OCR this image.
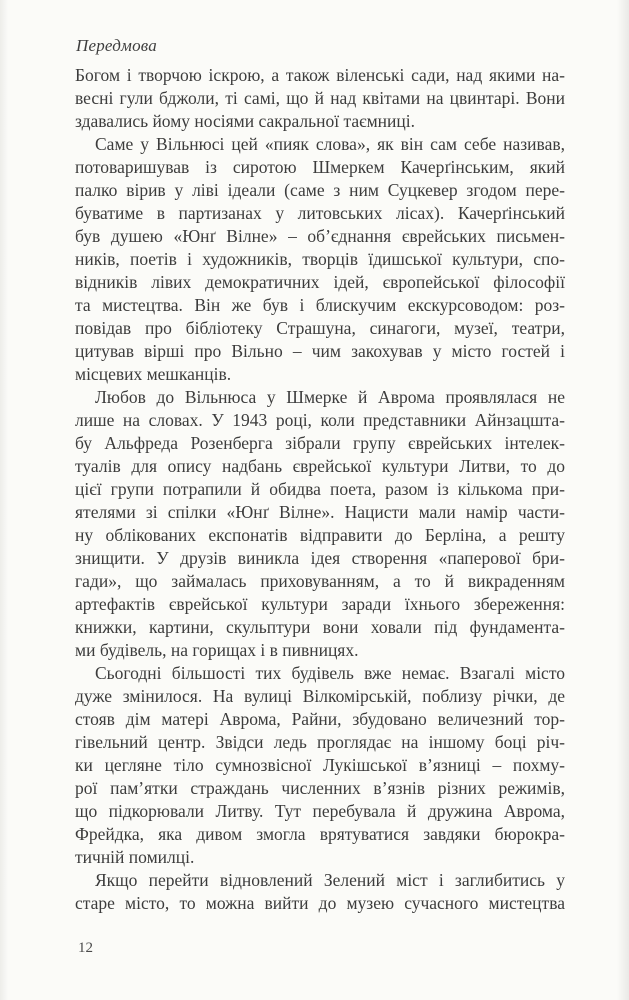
Передмова
Богом і творчою іскрою, а також віленські сади, над якими на-
весні гули бджоли, ті самі, що й над квітами на цвинтарі. Вони
здавались йому носіями сакральної таємниці.
Саме у Вільнюсі цей «пияк слова», як він сам себе називав,
потоваришував із сиротою Шмеркем Качерґінським, який
палко вірив у ліві ідеали (саме з ним Суцкевер згодом пере-
буватиме в партизанах у литовських лісах). Качерґінський
був душею «Юнґ Вілне» – об’єднання єврейських письмен-
ників, поетів і художників, творців їдишської культури, спо-
відників лівих демократичних ідей, європейської філософії
та мистецтва. Він же був і блискучим екскурсоводом: роз-
повідав про бібліотеку Страшуна, синагоги, музеї, театри,
цитував вірші про Вільно – чим закохував у місто гостей і
місцевих мешканців.
Любов до Вільнюса у Шмерке й Аврома проявлялася не
лише на словах. У 1943 році, коли представники Айнзацшта-
бу Альфреда Розенберга зібрали групу єврейських інтелек-
туалів для опису надбань єврейської культури Литви, то до
цієї групи потрапили й обидва поета, разом із кількома при-
ятелями зі спілки «Юнґ Вілне». Нацисти мали намір части-
ну облікованих експонатів відправити до Берліна, а решту
знищити. У друзів виникла ідея створення «паперової бри-
гади», що займалась приховуванням, а то й викраденням
артефактів єврейської культури заради їхнього збереження:
книжки, картини, скульптури вони ховали під фундамента-
ми будівель, на горищах і в пивницях.
Сьогодні більшості тих будівель вже немає. Взагалі місто
дуже змінилося. На вулиці Вілкомірській, поблизу річки, де
стояв дім матері Аврома, Райни, збудовано величезний тор-
гівельний центр. Звідси ледь проглядає на іншому боці річ-
ки цегляне тіло сумнозвісної Лукішської в’язниці – похму-
рої пам’ятки страждань численних в’язнів різних режимів,
що підкорювали Литву. Тут перебувала й дружина Аврома,
Фрейдка, яка дивом змогла врятуватися завдяки бюрокра-
тичній помилці.
Якщо перейти відновлений Зелений міст і заглибитись у
старе місто, то можна вийти до музею сучасного мистецтва
12
